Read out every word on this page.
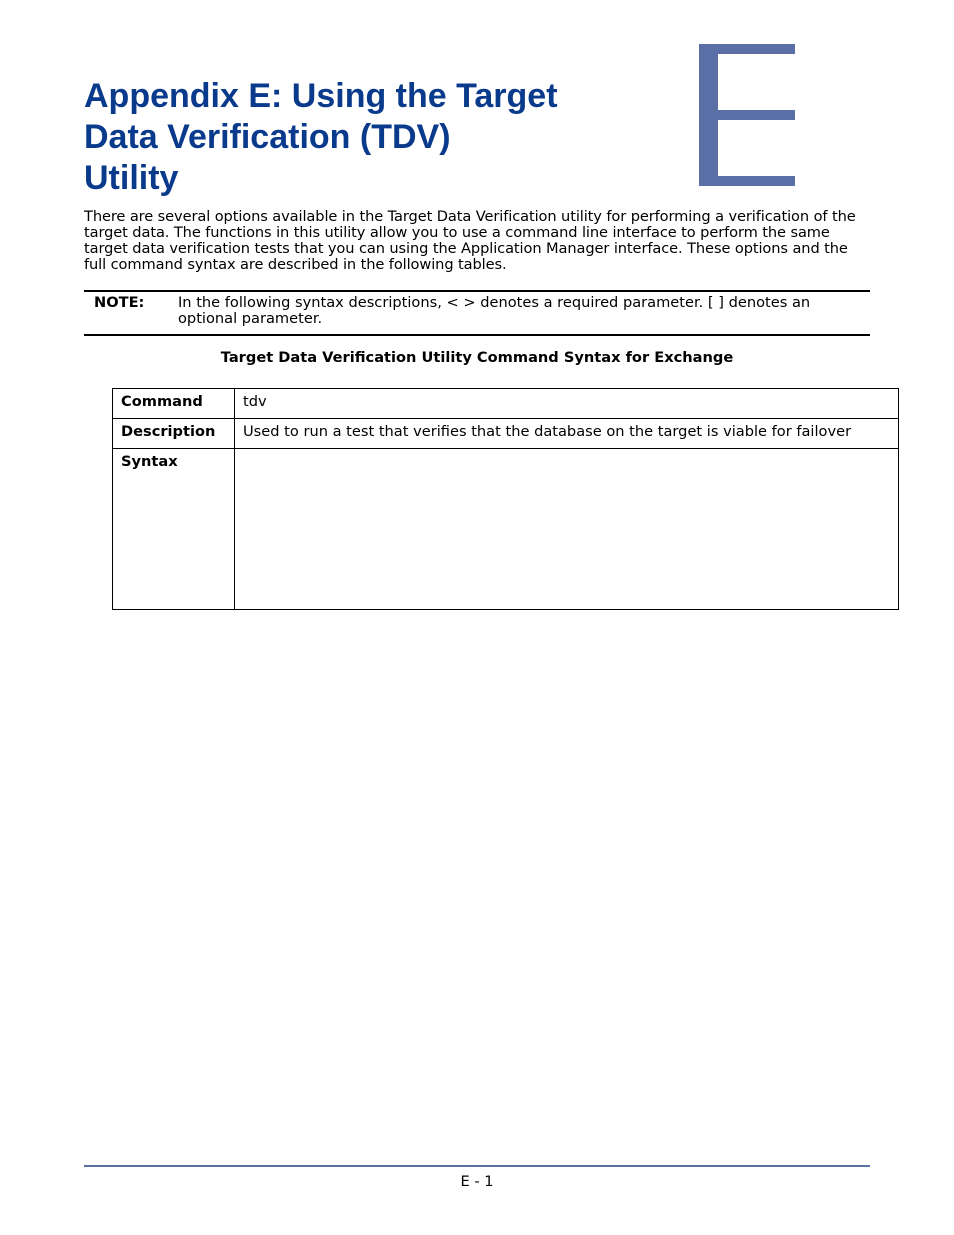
Appendix E: Using the Target
Data Verification (TDV)
Utility

There are several options available in the Target Data Verification utility for performing a verification of the target data. The functions in this utility allow you to use a command line interface to perform the same target data verification tests that you can using the Application Manager interface. These options and the full command syntax are described in the following tables.

NOTE: In the following syntax descriptions, < > denotes a required parameter. [ ] denotes an optional parameter.
Target Data Verification Utility Command Syntax for Exchange
Command	tdv
Description	Used to run a test that verifies that the database on the target is viable for failover
Syntax	
E - 1
